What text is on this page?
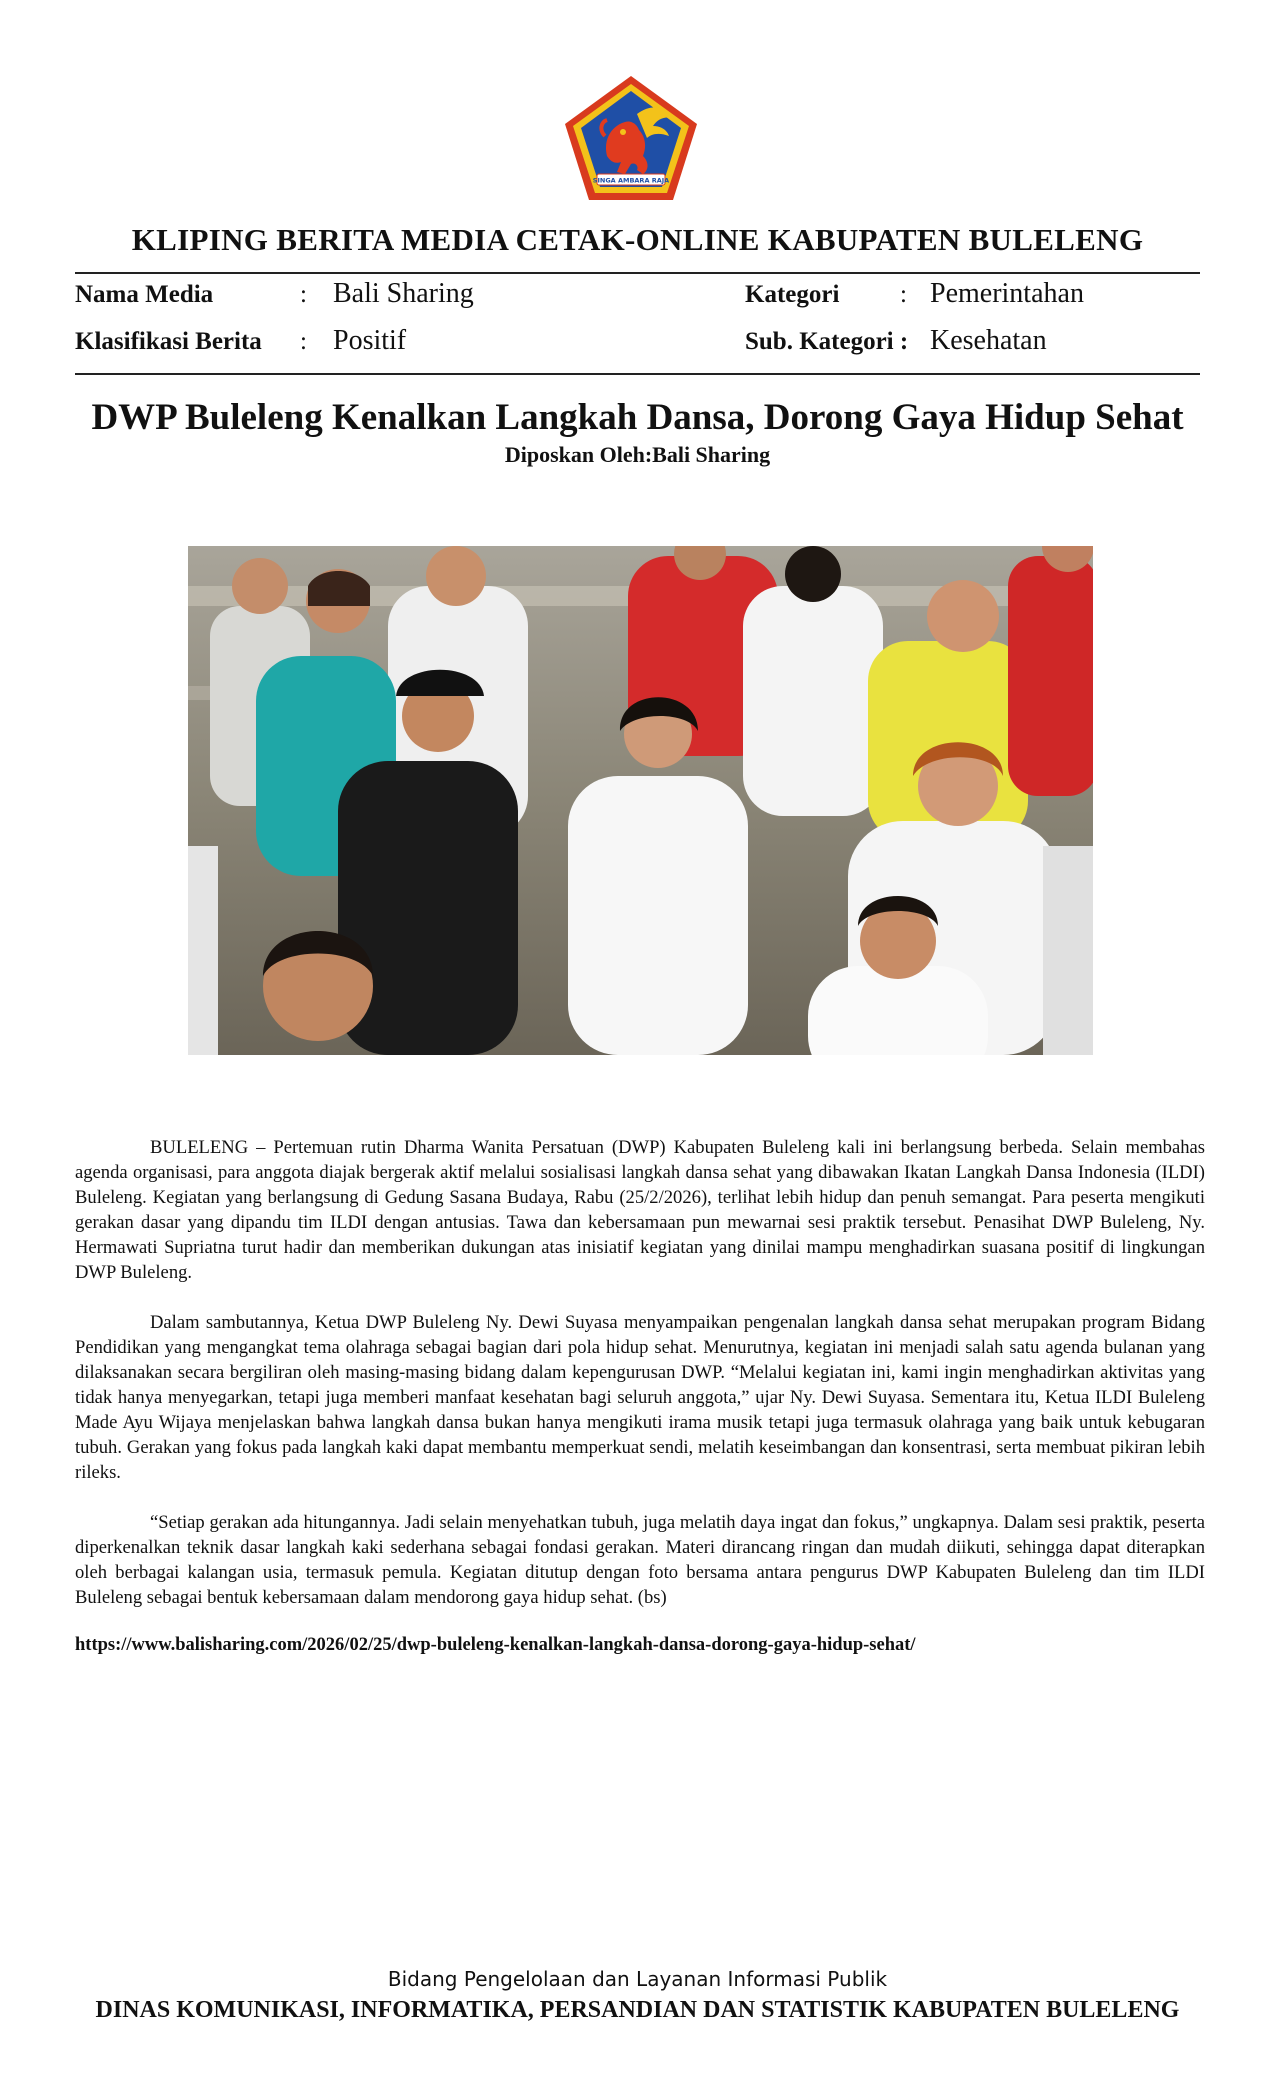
SINGA AMBARA RAJA
KLIPING BERITA MEDIA CETAK-ONLINE KABUPATEN BULELENG
Nama Media	: Bali Sharing
Klasifikasi Berita : Positif
Kategori : Pemerintahan
Sub. Kategori : Kesehatan
DWP Buleleng Kenalkan Langkah Dansa, Dorong Gaya Hidup Sehat
Diposkan Oleh:Bali Sharing

BULELENG – Pertemuan rutin Dharma Wanita Persatuan (DWP) Kabupaten Buleleng kali ini berlangsung berbeda. Selain membahas agenda organisasi, para anggota diajak bergerak aktif melalui sosialisasi langkah dansa sehat yang dibawakan Ikatan Langkah Dansa Indonesia (ILDI) Buleleng. Kegiatan yang berlangsung di Gedung Sasana Budaya, Rabu (25/2/2026), terlihat lebih hidup dan penuh semangat. Para peserta mengikuti gerakan dasar yang dipandu tim ILDI dengan antusias. Tawa dan kebersamaan pun mewarnai sesi praktik tersebut. Penasihat DWP Buleleng, Ny. Hermawati Supriatna turut hadir dan memberikan dukungan atas inisiatif kegiatan yang dinilai mampu menghadirkan suasana positif di lingkungan DWP Buleleng.

Dalam sambutannya, Ketua DWP Buleleng Ny. Dewi Suyasa menyampaikan pengenalan langkah dansa sehat merupakan program Bidang Pendidikan yang mengangkat tema olahraga sebagai bagian dari pola hidup sehat. Menurutnya, kegiatan ini menjadi salah satu agenda bulanan yang dilaksanakan secara bergiliran oleh masing-masing bidang dalam kepengurusan DWP. “Melalui kegiatan ini, kami ingin menghadirkan aktivitas yang tidak hanya menyegarkan, tetapi juga memberi manfaat kesehatan bagi seluruh anggota,” ujar Ny. Dewi Suyasa. Sementara itu, Ketua ILDI Buleleng Made Ayu Wijaya menjelaskan bahwa langkah dansa bukan hanya mengikuti irama musik tetapi juga termasuk olahraga yang baik untuk kebugaran tubuh. Gerakan yang fokus pada langkah kaki dapat membantu memperkuat sendi, melatih keseimbangan dan konsentrasi, serta membuat pikiran lebih rileks.

“Setiap gerakan ada hitungannya. Jadi selain menyehatkan tubuh, juga melatih daya ingat dan fokus,” ungkapnya. Dalam sesi praktik, peserta diperkenalkan teknik dasar langkah kaki sederhana sebagai fondasi gerakan. Materi dirancang ringan dan mudah diikuti, sehingga dapat diterapkan oleh berbagai kalangan usia, termasuk pemula. Kegiatan ditutup dengan foto bersama antara pengurus DWP Kabupaten Buleleng dan tim ILDI Buleleng sebagai bentuk kebersamaan dalam mendorong gaya hidup sehat. (bs)

https://www.balisharing.com/2026/02/25/dwp-buleleng-kenalkan-langkah-dansa-dorong-gaya-hidup-sehat/
Bidang Pengelolaan dan Layanan Informasi Publik
DINAS KOMUNIKASI, INFORMATIKA, PERSANDIAN DAN STATISTIK KABUPATEN BULELENG
